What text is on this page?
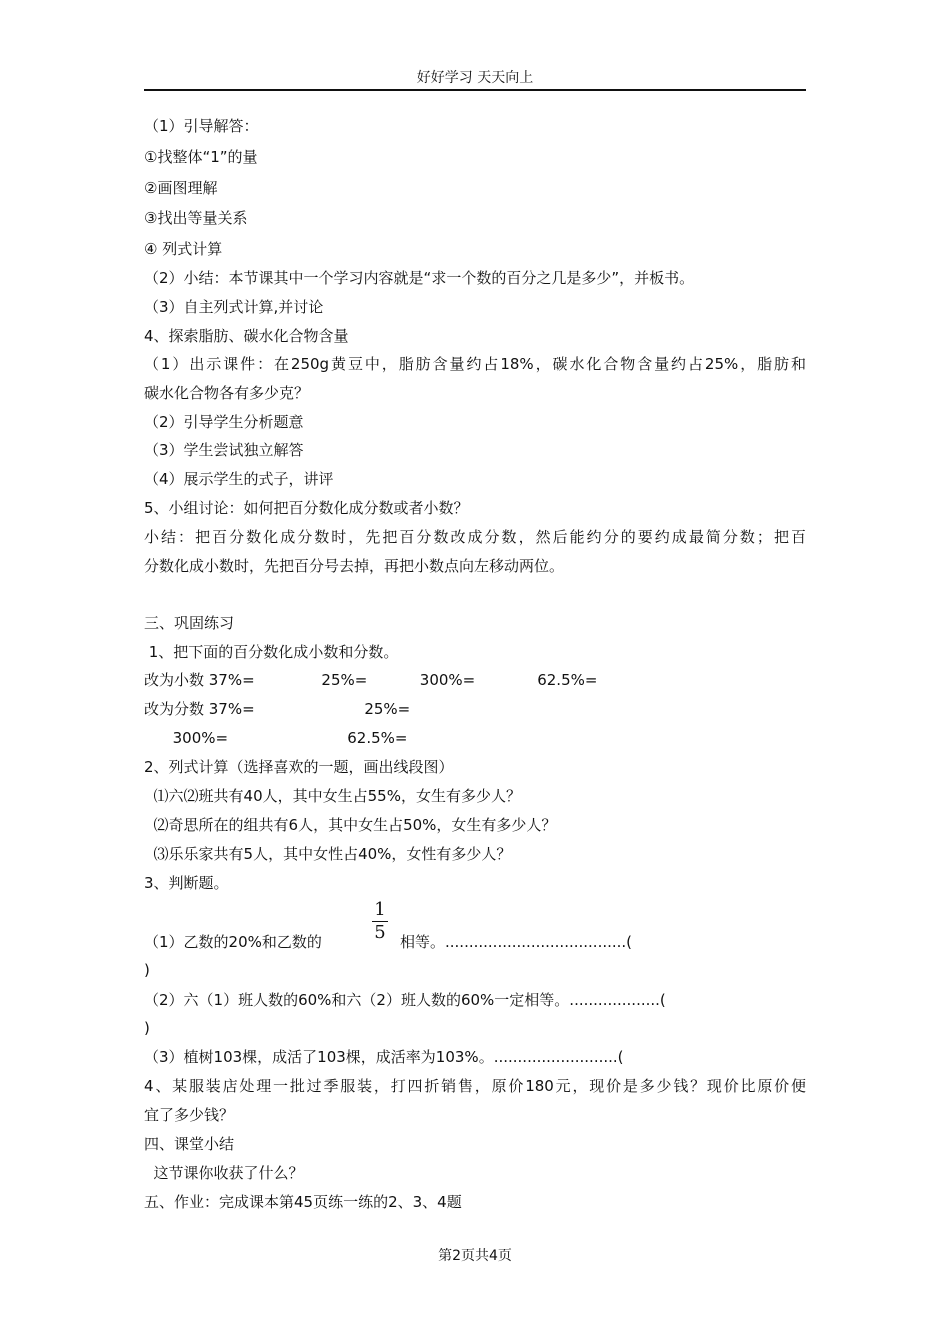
好好学习 天天向上
（1）引导解答：
①找整体“1”的量
②画图理解
③找出等量关系
④ 列式计算
（2）小结：本节课其中一个学习内容就是“求一个数的百分之几是多少”，并板书。
（3）自主列式计算,并讨论
4、探索脂肪、碳水化合物含量
（1）出示课件：在250g黄豆中，脂肪含量约占18%，碳水化合物含量约占25%，脂肪和
碳水化合物各有多少克？
（2）引导学生分析题意
（3）学生尝试独立解答
（4）展示学生的式子，讲评
5、小组讨论：如何把百分数化成分数或者小数？
小结：把百分数化成分数时，先把百分数改成分数，然后能约分的要约成最简分数；把百
分数化成小数时，先把百分号去掉，再把小数点向左移动两位。
三、巩固练习
1、把下面的百分数化成小数和分数。
改为小数 37%=              25%=           300%=             62.5%=
改为分数 37%=                       25%=
300%=                         62.5%=
2、列式计算（选择喜欢的一题，画出线段图）
⑴六⑵班共有40人，其中女生占55%，女生有多少人？
⑵奇思所在的组共有6人，其中女生占50%，女生有多少人？
⑶乐乐家共有5人，其中女性占40%，女性有多少人？
3、判断题。
（1）乙数的20%和乙数的
1
5 相等。......................................(
)
（2）六（1）班人数的60%和六（2）班人数的60%一定相等。...................(
)
（3）植树103棵，成活了103棵，成活率为103%。..........................(
4、某服装店处理一批过季服装，打四折销售，原价180元，现价是多少钱？现价比原价便
宜了多少钱？
四、课堂小结
这节课你收获了什么？
五、作业：完成课本第45页练一练的2、3、4题
第2页共4页
